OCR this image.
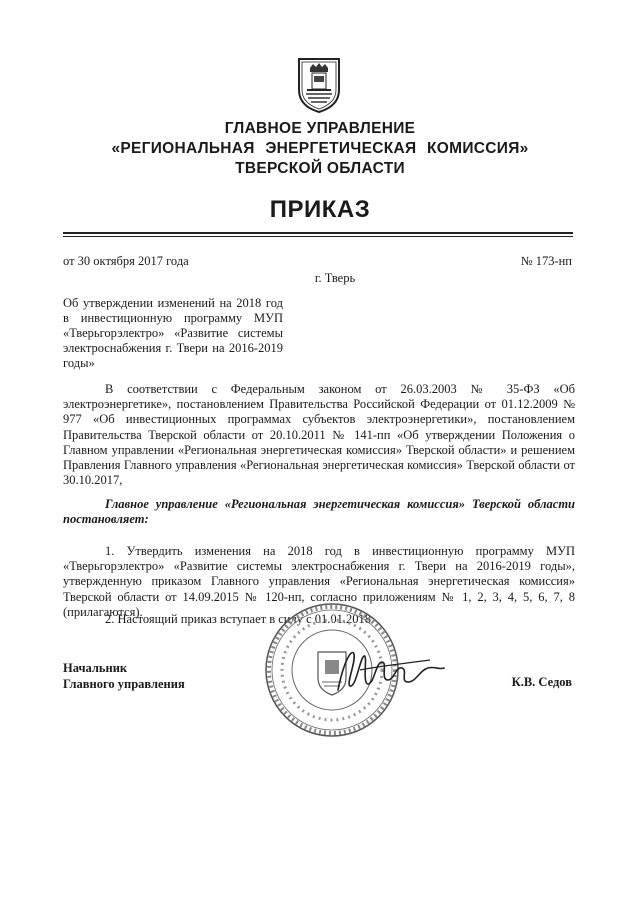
ГЛАВНОЕ УПРАВЛЕНИЕ
«РЕГИОНАЛЬНАЯ ЭНЕРГЕТИЧЕСКАЯ КОМИССИЯ»
ТВЕРСКОЙ ОБЛАСТИ
ПРИКАЗ
от 30 октября 2017 года	№ 173-нп
г. Тверь
Об утверждении изменений на 2018 год в инвестиционную программу МУП «Тверьгорэлектро» «Развитие системы электроснабжения г. Твери на 2016-2019 годы»
В соответствии с Федеральным законом от 26.03.2003 № 35-ФЗ «Об электроэнергетике», постановлением Правительства Российской Федерации от 01.12.2009 № 977 «Об инвестиционных программах субъектов электроэнергетики», постановлением Правительства Тверской области от 20.10.2011 № 141-пп «Об утверждении Положения о Главном управлении «Региональная энергетическая комиссия» Тверской области» и решением Правления Главного управления «Региональная энергетическая комиссия» Тверской области от 30.10.2017,
Главное управление «Региональная энергетическая комиссия» Тверской области постановляет:
1. Утвердить изменения на 2018 год в инвестиционную программу МУП «Тверьгорэлектро» «Развитие системы электроснабжения г. Твери на 2016-2019 годы», утвержденную приказом Главного управления «Региональная энергетическая комиссия» Тверской области от 14.09.2015 № 120-нп, согласно приложениям № 1, 2, 3, 4, 5, 6, 7, 8 (прилагаются).
2. Настоящий приказ вступает в силу с 01.01.2018.
Начальник
Главного управления	К.В. Седов
